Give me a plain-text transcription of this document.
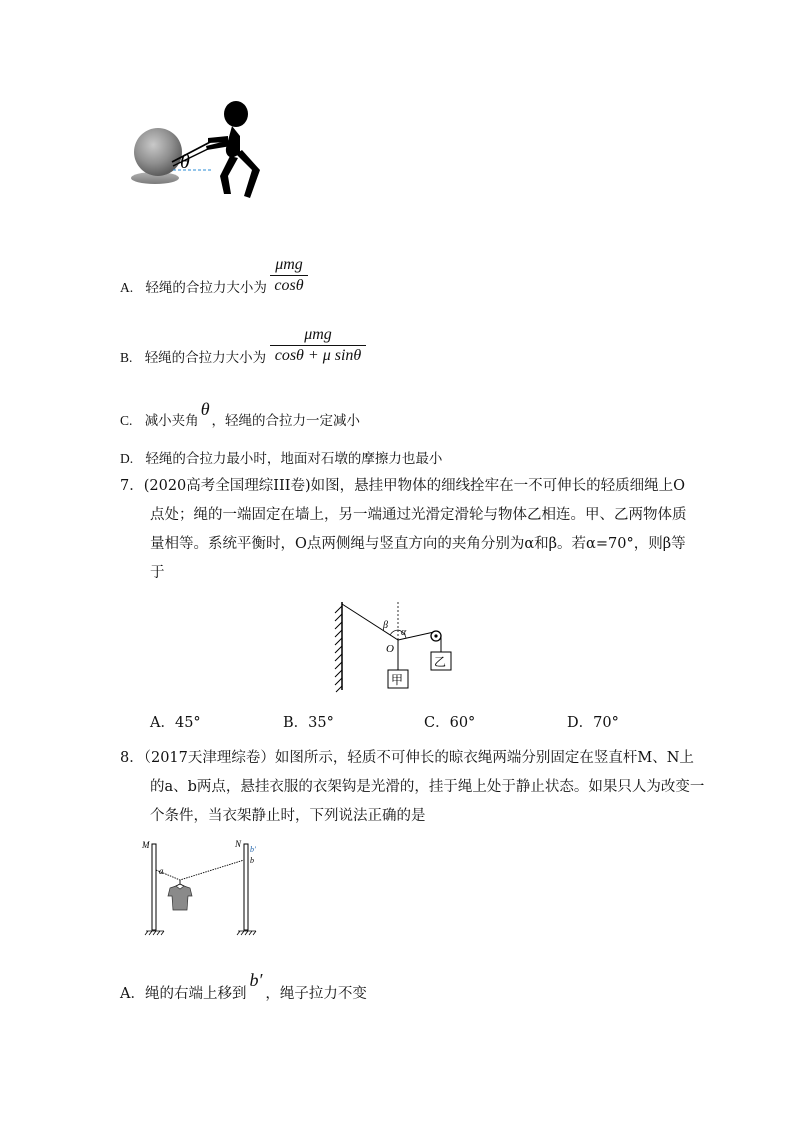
θ
A. 轻绳的合拉力大小为
μmg
cosθ
B. 轻绳的合拉力大小为
μmg
cosθ + μ sinθ
C. 减小夹角θ，轻绳的合拉力一定减小
D. 轻绳的合拉力最小时，地面对石墩的摩擦力也最小
7．(2020高考全国理综III卷)如图，悬挂甲物体的细线拴牢在一不可伸长的轻质细绳上O
点处；绳的一端固定在墙上，另一端通过光滑定滑轮与物体乙相连。甲、乙两物体质
量相等。系统平衡时，O点两侧绳与竖直方向的夹角分别为α和β。若α=70°，则β等
于
β
α
O
甲
乙
A．45°	B．35°	C．60°	D．70°
8．（2017天津理综卷）如图所示，轻质不可伸长的晾衣绳两端分别固定在竖直杆M、N上
的a、b两点，悬挂衣服的衣架钩是光滑的，挂于绳上处于静止状态。如果只人为改变一
个条件，当衣架静止时，下列说法正确的是
M	N
a
b′
b
A．绳的右端上移到b′，绳子拉力不变
